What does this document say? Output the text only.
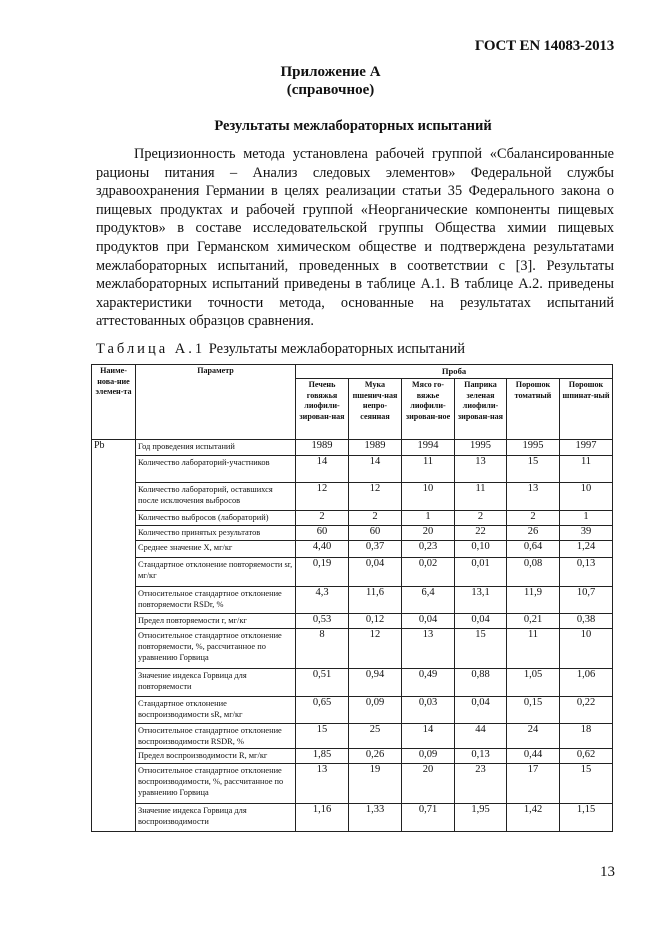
ГОСТ EN 14083-2013
Приложение А
(справочное)
Результаты межлабораторных испытаний

Прецизионность метода установлена рабочей группой «Сбалансированные рационы питания – Анализ следовых элементов» Федеральной службы здравоохранения Германии в целях реализации статьи 35 Федерального закона о пищевых продуктах и рабочей группой «Неорганические компоненты пищевых продуктов» в составе исследовательской группы Общества химии пищевых продуктов при Германском химическом обществе и подтверждена результатами межлабораторных испытаний, проведенных в соответствии с [3]. Результаты межлабораторных испытаний приведены в таблице А.1. В таблице А.2. приведены характеристики точности метода, основанные на результатах испытаний аттестованных образцов сравнения.

Таблица А.1 Результаты межлабораторных испытаний
Наиме-нова-ние элемен-та	Параметр	Проба					
		Печень говяжья лиофили-зирован-ная	Мука пшенич-ная непро-сеянная	Мясо го-вяжье лиофили-зирован-ное	Паприка зеленая лиофили-зирован-ная	Порошок томатный	Порошок шпинат-ный
Pb	Год проведения испытаний	1989	1989	1994	1995	1995	1997
	Количество лабораторий-участников	14	14	11	13	15	11
	Количество лабораторий, оставшихся после исключения выбросов	12	12	10	11	13	10
	Количество выбросов (лабораторий)	2	2	1	2	2	1
	Количество принятых результатов	60	60	20	22	26	39
	Среднее значение X, мг/кг	4,40	0,37	0,23	0,10	0,64	1,24
	Стандартное отклонение повторяемости sr, мг/кг	0,19	0,04	0,02	0,01	0,08	0,13
	Относительное стандартное отклонение повторяемости RSDr, %	4,3	11,6	6,4	13,1	11,9	10,7
	Предел повторяемости r, мг/кг	0,53	0,12	0,04	0,04	0,21	0,38
	Относительное стандартное отклонение повторяемости, %, рассчитанное по уравнению Горвица	8	12	13	15	11	10
	Значение индекса Горвица для повторяемости	0,51	0,94	0,49	0,88	1,05	1,06
	Стандартное отклонение воспроизводимости sR, мг/кг	0,65	0,09	0,03	0,04	0,15	0,22
	Относительное стандартное отклонение воспроизводимости RSDR, %	15	25	14	44	24	18
	Предел воспроизводимости R, мг/кг	1,85	0,26	0,09	0,13	0,44	0,62
	Относительное стандартное отклонение воспроизводимости, %, рассчитанное по уравнению Горвица	13	19	20	23	17	15
	Значение индекса Горвица для воспроизводимости	1,16	1,33	0,71	1,95	1,42	1,15
13
